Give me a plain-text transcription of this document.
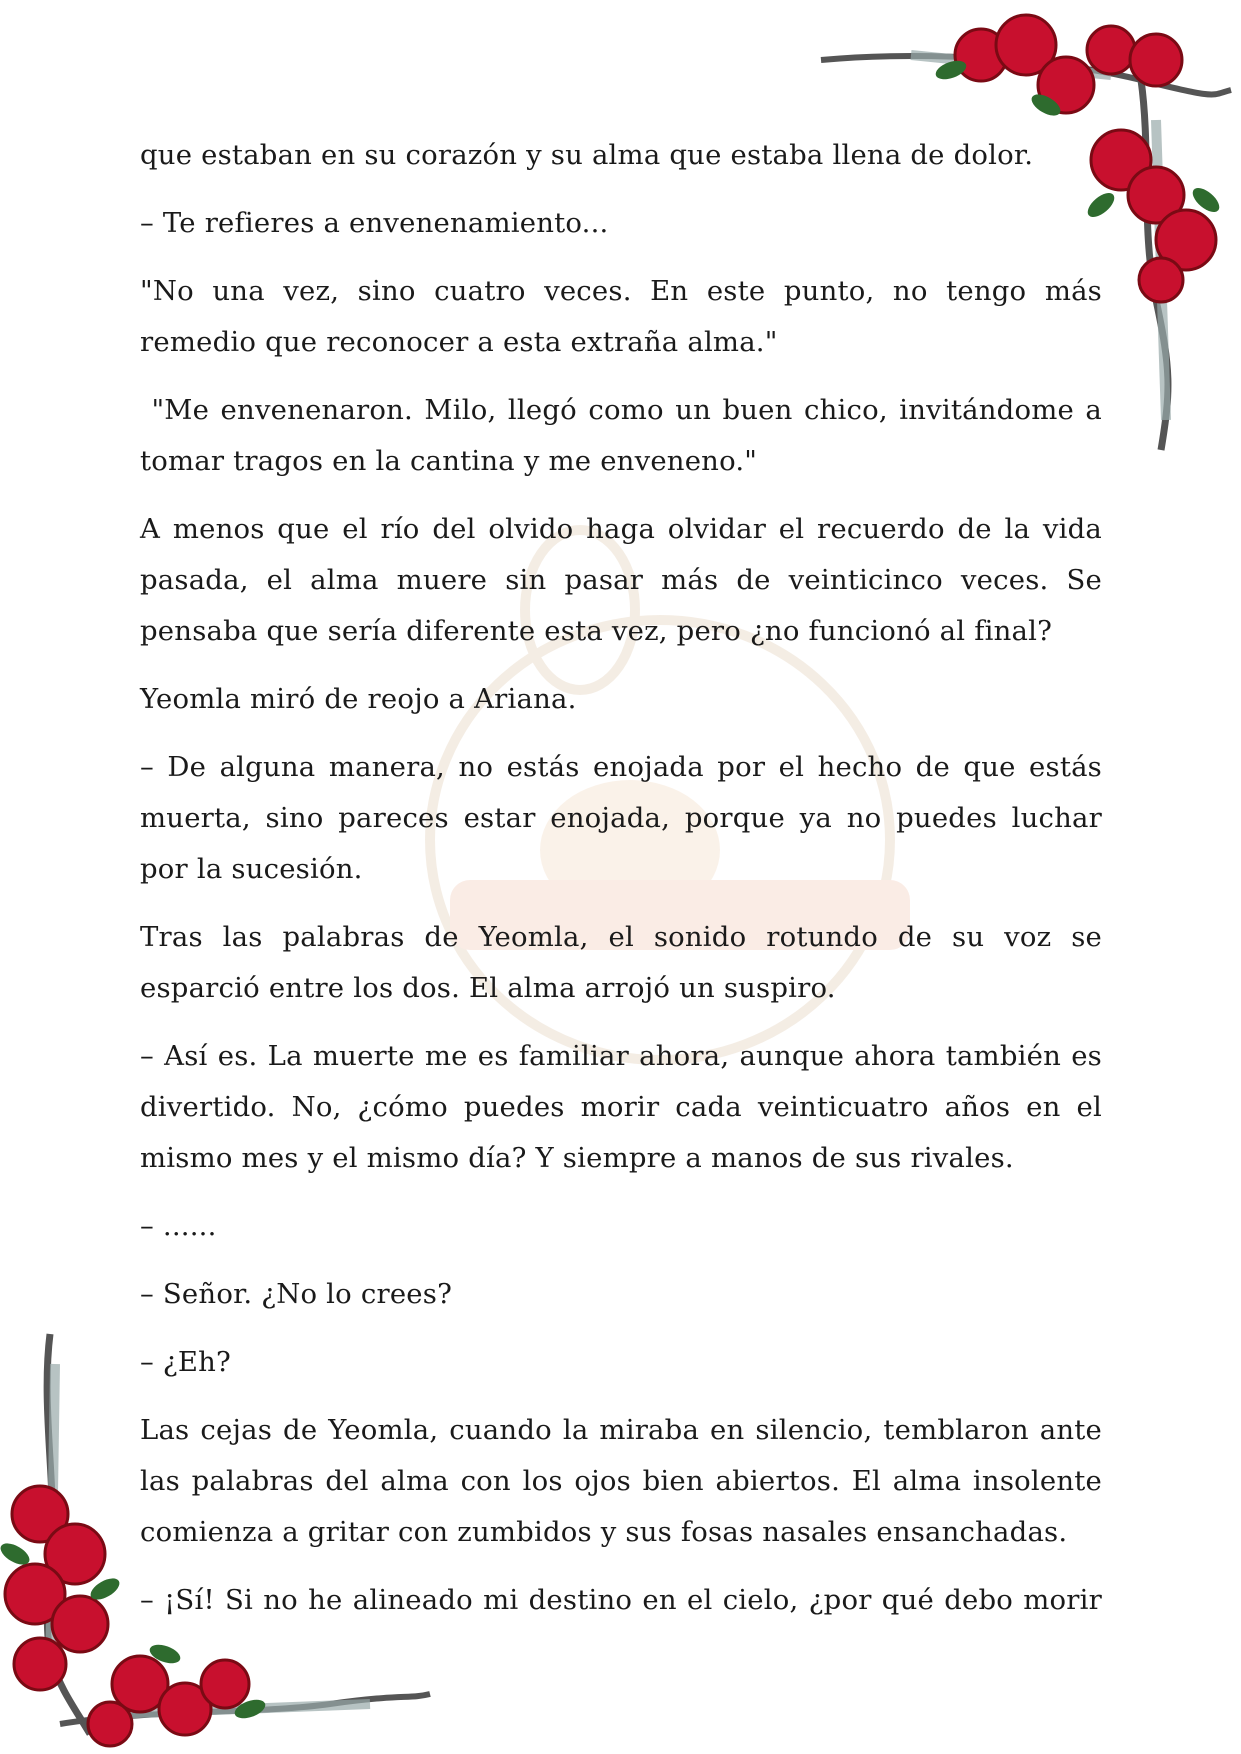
que estaban en su corazón y su alma que estaba llena de dolor.

– Te refieres a envenenamiento...

"No una vez, sino cuatro veces. En este punto, no tengo más remedio que reconocer a esta extraña alma."

"Me envenenaron. Milo, llegó como un buen chico, invitándome a tomar tragos en la cantina y me enveneno."

A menos que el río del olvido haga olvidar el recuerdo de la vida pasada, el alma muere sin pasar más de veinticinco veces. Se pensaba que sería diferente esta vez, pero ¿no funcionó al final?

Yeomla miró de reojo a Ariana.

– De alguna manera, no estás enojada por el hecho de que estás muerta, sino pareces estar enojada, porque ya no puedes luchar por la sucesión.

Tras las palabras de Yeomla, el sonido rotundo de su voz se esparció entre los dos. El alma arrojó un suspiro.

– Así es. La muerte me es familiar ahora, aunque ahora también es divertido. No, ¿cómo puedes morir cada veinticuatro años en el mismo mes y el mismo día? Y siempre a manos de sus rivales.

– ......

– Señor. ¿No lo crees?

– ¿Eh?

Las cejas de Yeomla, cuando la miraba en silencio, temblaron ante las palabras del alma con los ojos bien abiertos. El alma insolente comienza a gritar con zumbidos y sus fosas nasales ensanchadas.

– ¡Sí! Si no he alineado mi destino en el cielo, ¿por qué debo morir
